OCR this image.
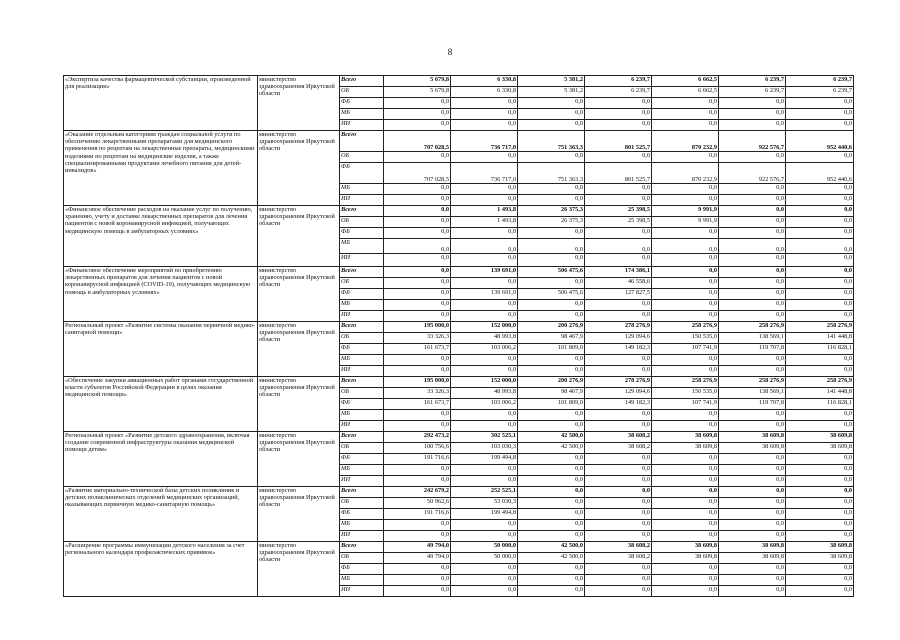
8
«Экспертиза качества фармацевтической субстанции, произведенной для реализации»	министерство здравоохранения Иркутской области	Всего	5 679,8	6 330,8	5 381,2	6 239,7	6 662,5	6 239,7	6 239,7
		ОБ	5 679,8	6 330,8	5 381,2	6 239,7	6 662,5	6 239,7	6 239,7
		ФБ	0,0	0,0	0,0	0,0	0,0	0,0	0,0
		МБ	0,0	0,0	0,0	0,0	0,0	0,0	0,0
		ИИ	0,0	0,0	0,0	0,0	0,0	0,0	0,0
«Оказание отдельным категориям граждан социальной услуги по обеспечению лекарственными препаратами для медицинского применения по рецептам на лекарственные препараты, медицинскими изделиями по рецептам на медицинские изделия, а также специализированными продуктами лечебного питания для детей-инвалидов»	министерство здравоохранения Иркутской области	Всего	707 028,5	736 717,0	751 363,3	801 525,7	870 232,9	922 576,7	952 440,6
		ОБ	0,0	0,0	0,0	0,0	0,0	0,0	0,0
		ФБ	707 028,5	736 717,0	751 363,3	801 525,7	870 232,9	922 576,7	952 440,6
		МБ	0,0	0,0	0,0	0,0	0,0	0,0	0,0
		ИИ	0,0	0,0	0,0	0,0	0,0	0,0	0,0
«Финансовое обеспечение расходов на оказание услуг по получению, хранению, учету и доставке лекарственных препаратов для лечения пациентов с новой коронавирусной инфекцией, получающих медицинскую помощь в амбулаторных условиях»	министерство здравоохранения Иркутской области	Всего	0,0	1 493,8	26 375,3	25 398,5	9 991,9	0,0	0,0
		ОБ	0,0	1 493,8	26 375,3	25 398,5	9 991,9	0,0	0,0
		ФБ	0,0	0,0	0,0	0,0	0,0	0,0	0,0
		МБ	0,0	0,0	0,0	0,0	0,0	0,0	0,0
		ИИ	0,0	0,0	0,0	0,0	0,0	0,0	0,0
«Финансовое обеспечение мероприятий по приобретению лекарственных препаратов для лечения пациентов с новой коронавирусной инфекцией (COVID-19), получающих медицинскую помощь в амбулаторных условиях»	министерство здравоохранения Иркутской области	Всего	0,0	139 691,0	506 475,6	174 386,1	0,0	0,0	0,0
		ОБ	0,0	0,0	0,0	46 558,6	0,0	0,0	0,0
		ФБ	0,0	139 691,0	506 475,6	127 827,5	0,0	0,0	0,0
		МБ	0,0	0,0	0,0	0,0	0,0	0,0	0,0
		ИИ	0,0	0,0	0,0	0,0	0,0	0,0	0,0
Региональный проект «Развитие системы оказания первичной медико-санитарной помощи»	министерство здравоохранения Иркутской области	Всего	195 000,0	152 000,0	200 276,9	278 276,9	258 276,9	258 276,9	258 276,9
		ОБ	33 326,3	48 993,8	98 467,9	129 094,6	150 535,0	138 569,1	141 448,8
		ФБ	161 673,7	103 006,2	101 809,0	149 182,3	107 741,9	119 707,8	116 828,1
		МБ	0,0	0,0	0,0	0,0	0,0	0,0	0,0
		ИИ	0,0	0,0	0,0	0,0	0,0	0,0	0,0
«Обеспечение закупки авиационных работ органами государственной власти субъектов Российской Федерации в целях оказания медицинской помощи»	министерство здравоохранения Иркутской области	Всего	195 000,0	152 000,0	200 276,9	278 276,9	258 276,9	258 276,9	258 276,9
		ОБ	33 326,3	48 993,8	98 467,9	129 094,6	150 535,0	138 569,1	141 448,8
		ФБ	161 673,7	103 006,2	101 809,0	149 182,3	107 741,9	119 707,8	116 828,1
		МБ	0,0	0,0	0,0	0,0	0,0	0,0	0,0
		ИИ	0,0	0,0	0,0	0,0	0,0	0,0	0,0
Региональный проект «Развитие детского здравоохранения, включая создание современной инфраструктуры оказания медицинской помощи детям»	министерство здравоохранения Иркутской области	Всего	292 473,2	302 525,1	42 500,0	38 608,2	38 609,8	38 609,8	38 609,8
		ОБ	100 756,6	103 030,3	42 500,0	38 608,2	38 609,8	38 609,8	38 609,8
		ФБ	191 716,6	199 494,8	0,0	0,0	0,0	0,0	0,0
		МБ	0,0	0,0	0,0	0,0	0,0	0,0	0,0
		ИИ	0,0	0,0	0,0	0,0	0,0	0,0	0,0
«Развитие материально-технической базы детских поликлиник и детских поликлинических отделений медицинских организаций, оказывающих первичную медико-санитарную помощь»	министерство здравоохранения Иркутской области	Всего	242 679,2	252 525,1	0,0	0,0	0,0	0,0	0,0
		ОБ	50 962,6	53 030,3	0,0	0,0	0,0	0,0	0,0
		ФБ	191 716,6	199 494,8	0,0	0,0	0,0	0,0	0,0
		МБ	0,0	0,0	0,0	0,0	0,0	0,0	0,0
		ИИ	0,0	0,0	0,0	0,0	0,0	0,0	0,0
«Расширение программы иммунизации детского населения за счет регионального календаря профилактических прививок»	министерство здравоохранения Иркутской области	Всего	49 794,0	50 000,0	42 500,0	38 608,2	38 609,8	38 609,8	38 609,8
		ОБ	49 794,0	50 000,0	42 500,0	38 608,2	38 609,8	38 609,8	38 609,8
		ФБ	0,0	0,0	0,0	0,0	0,0	0,0	0,0
		МБ	0,0	0,0	0,0	0,0	0,0	0,0	0,0
		ИИ	0,0	0,0	0,0	0,0	0,0	0,0	0,0
